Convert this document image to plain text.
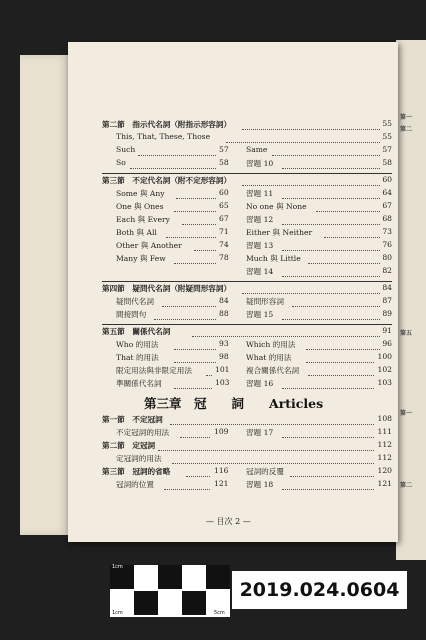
第一
第二
第五
第一
第二
第二節　指示代名詞（附指示形容詞）	55
This, That, These, Those	55
Such	57 Same	57
So	58 習題 10	58
第三節　不定代名詞（附不定形容詞）	60
Some 與 Any	60 習題 11	64
One 與 Ones	65 No one 與 None	67
Each 與 Every	67 習題 12	68
Both 與 All	71 Either 與 Neither	73
Other 與 Another	74 習題 13	76
Many 與 Few	78 Much 與 Little	80
習題 14	82
第四節　疑問代名詞（附疑問形容詞）	84
疑問代名詞	84 疑問形容詞	87
間接問句	88 習題 15	89
第五節　關係代名詞	91
Who 的用法	93 Which 的用法	96
That 的用法	98 What 的用法	100
限定用法與非限定用法	101 複合關係代名詞	102
準關係代名詞	103 習題 16	103
第三章　冠　　詞　　Articles
第一節　不定冠詞	108
不定冠詞的用法	109 習題 17	111
第二節　定冠詞	112
定冠詞的用法	112
第三節　冠詞的省略	116 冠詞的反覆	120
冠詞的位置	121 習題 18	121
— 目次 2 —
1cm
1cm	5cm
2019.024.0604
